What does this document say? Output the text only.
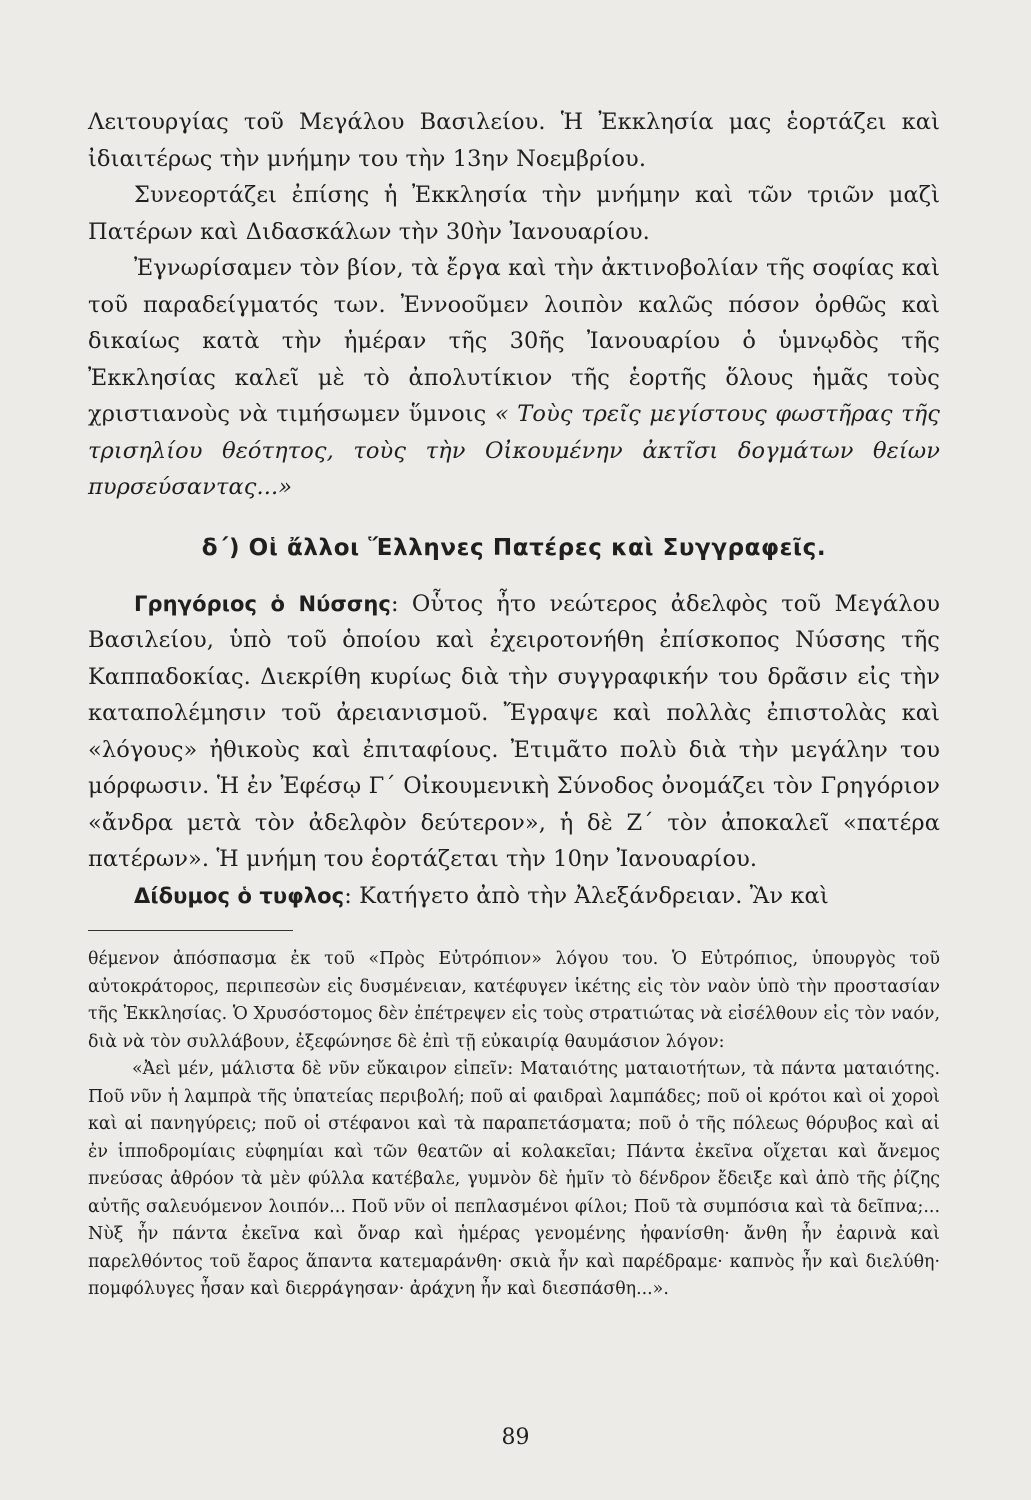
Λειτουργίας τοῦ Μεγάλου Βασιλείου. Ἡ Ἐκκλησία μας ἑορτάζει καὶ ἰδιαιτέρως τὴν μνήμην του τὴν 13ην Νοεμβρίου.

Συνεορτάζει ἐπίσης ἡ Ἐκκλησία τὴν μνήμην καὶ τῶν τριῶν μαζὶ Πατέρων καὶ Διδασκάλων τὴν 30ὴν Ἰανουαρίου.

Ἐγνωρίσαμεν τὸν βίον, τὰ ἔργα καὶ τὴν ἀκτινοβολίαν τῆς σοφίας καὶ τοῦ παραδείγματός των. Ἐννοοῦμεν λοιπὸν καλῶς πόσον ὀρθῶς καὶ δικαίως κατὰ τὴν ἡμέραν τῆς 30ῆς Ἰανουαρίου ὁ ὑμνῳδὸς τῆς Ἐκκλησίας καλεῖ μὲ τὸ ἀπολυτίκιον τῆς ἑορτῆς ὅλους ἡμᾶς τοὺς χριστιανοὺς νὰ τιμήσωμεν ὕμνοις « Τοὺς τρεῖς μεγίστους φωστῆρας τῆς τρισηλίου θεότητος, τοὺς τὴν Οἰκουμένην ἀκτῖσι δογμάτων θείων πυρσεύσαντας...»

δ΄) Οἱ ἄλλοι Ἕλληνες Πατέρες καὶ Συγγραφεῖς.

Γρηγόριος ὁ Νύσσης: Οὗτος ἦτο νεώτερος ἀδελφὸς τοῦ Μεγάλου Βασιλείου, ὑπὸ τοῦ ὁποίου καὶ ἐχειροτονήθη ἐπίσκοπος Νύσσης τῆς Καππαδοκίας. Διεκρίθη κυρίως διὰ τὴν συγγραφικήν του δρᾶσιν εἰς τὴν καταπολέμησιν τοῦ ἀρειανισμοῦ. Ἔγραψε καὶ πολλὰς ἐπιστολὰς καὶ «λόγους» ἠθικοὺς καὶ ἐπιταφίους. Ἐτιμᾶτο πολὺ διὰ τὴν μεγάλην του μόρφωσιν. Ἡ ἐν Ἐφέσῳ Γ΄ Οἰκουμενικὴ Σύνοδος ὀνομάζει τὸν Γρηγόριον «ἄνδρα μετὰ τὸν ἀδελφὸν δεύτερον», ἡ δὲ Ζ΄ τὸν ἀποκαλεῖ «πατέρα πατέρων». Ἡ μνήμη του ἑορτάζεται τὴν 10ην Ἰανουαρίου.

Δίδυμος ὁ τυφλος: Κατήγετο ἀπὸ τὴν Ἀλεξάνδρειαν. Ἂν καὶ

θέμενον ἀπόσπασμα ἐκ τοῦ «Πρὸς Εὐτρόπιον» λόγου του. Ὁ Εὐτρόπιος, ὑπουργὸς τοῦ αὐτοκράτορος, περιπεσὼν εἰς δυσμένειαν, κατέφυγεν ἱκέτης εἰς τὸν ναὸν ὑπὸ τὴν προστασίαν τῆς Ἐκκλησίας. Ὁ Χρυσόστομος δὲν ἐπέτρεψεν εἰς τοὺς στρατιώτας νὰ εἰσέλθουν εἰς τὸν ναόν, διὰ νὰ τὸν συλλάβουν, ἐξεφώνησε δὲ ἐπὶ τῇ εὐκαιρίᾳ θαυμάσιον λόγον:

«Ἀεὶ μέν, μάλιστα δὲ νῦν εὔκαιρον εἰπεῖν: Ματαιότης ματαιοτήτων, τὰ πάντα ματαιότης. Ποῦ νῦν ἡ λαμπρὰ τῆς ὑπατείας περιβολή; ποῦ αἱ φαιδραὶ λαμπάδες; ποῦ οἱ κρότοι καὶ οἱ χοροὶ καὶ αἱ πανηγύρεις; ποῦ οἱ στέφανοι καὶ τὰ παραπετάσματα; ποῦ ὁ τῆς πόλεως θόρυβος καὶ αἱ ἐν ἱπποδρομίαις εὐφημίαι καὶ τῶν θεατῶν αἱ κολακεῖαι; Πάντα ἐκεῖνα οἴχεται καὶ ἄνεμος πνεύσας ἀθρόον τὰ μὲν φύλλα κατέβαλε, γυμνὸν δὲ ἡμῖν τὸ δένδρον ἔδειξε καὶ ἀπὸ τῆς ῥίζης αὐτῆς σαλευόμενον λοιπόν... Ποῦ νῦν οἱ πεπλασμένοι φίλοι; Ποῦ τὰ συμπόσια καὶ τὰ δεῖπνα;... Νὺξ ἦν πάντα ἐκεῖνα καὶ ὄναρ καὶ ἡμέρας γενομένης ἠφανίσθη· ἄνθη ἦν ἐαρινὰ καὶ παρελθόντος τοῦ ἔαρος ἅπαντα κατεμαράνθη· σκιὰ ἦν καὶ παρέδραμε· καπνὸς ἦν καὶ διελύθη· πομφόλυγες ἦσαν καὶ διερράγησαν· ἀράχνη ἦν καὶ διεσπάσθη...».

89
